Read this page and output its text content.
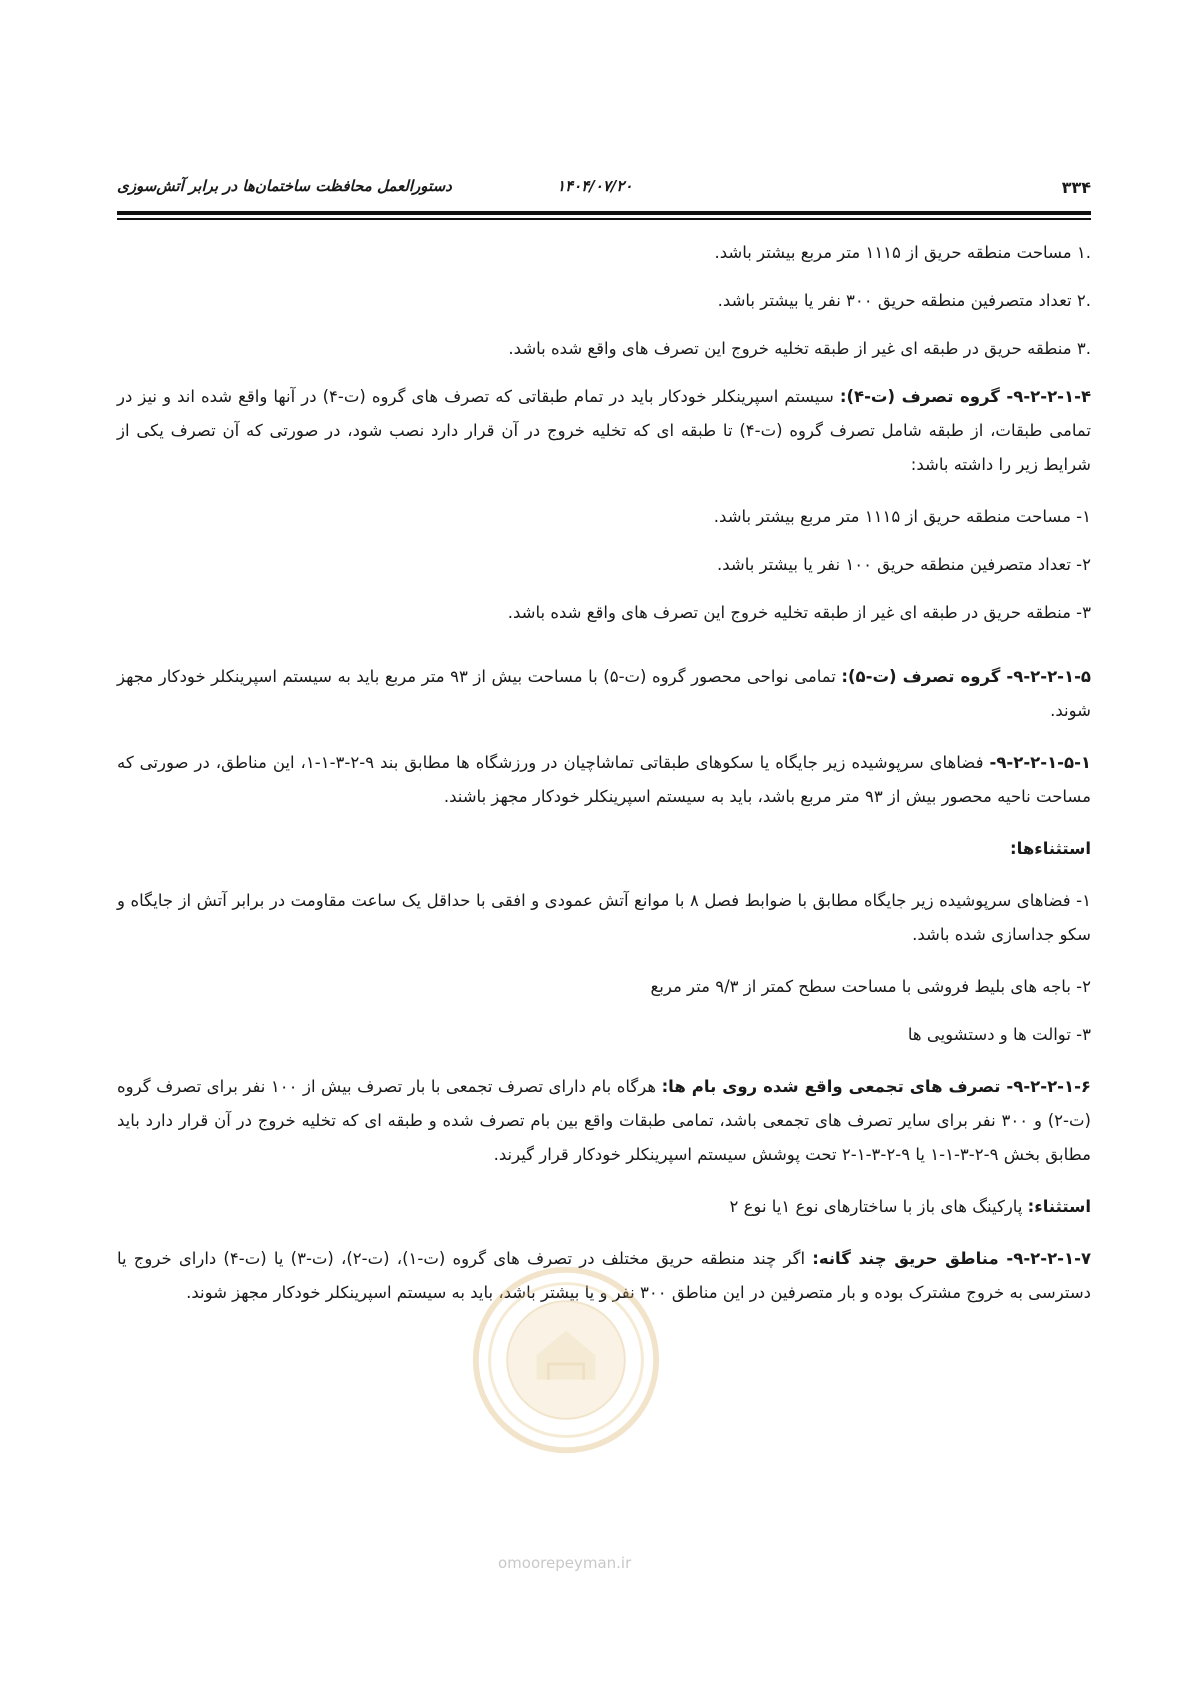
۳۳۴
۱۴۰۴/۰۷/۲۰
دستورالعمل محافظت ساختمان‌ها در برابر آتش‌سوزی

.۱ مساحت منطقه حریق از ۱۱۱۵ متر مربع بیشتر باشد.

.۲ تعداد متصرفین منطقه حریق ۳۰۰ نفر یا بیشتر باشد.

.۳ منطقه حریق در طبقه ای غیر از طبقه تخلیه خروج این تصرف های واقع شده باشد.

۹-۲-۲-۱-۴- گروه تصرف (ت-۴): سیستم اسپرینکلر خودکار باید در تمام طبقاتی که تصرف های گروه (ت-۴) در آنها واقع شده اند و نیز در تمامی طبقات، از طبقه شامل تصرف گروه (ت-۴) تا طبقه ای که تخلیه خروج در آن قرار دارد نصب شود، در صورتی که آن تصرف یکی از شرایط زیر را داشته باشد:

۱- مساحت منطقه حریق از ۱۱۱۵ متر مربع بیشتر باشد.

۲- تعداد متصرفین منطقه حریق ۱۰۰ نفر یا بیشتر باشد.

۳- منطقه حریق در طبقه ای غیر از طبقه تخلیه خروج این تصرف های واقع شده باشد.

۹-۲-۲-۱-۵- گروه تصرف (ت-۵): تمامی نواحی محصور گروه (ت-۵) با مساحت بیش از ۹۳ متر مربع باید به سیستم اسپرینکلر خودکار مجهز شوند.

۹-۲-۲-۱-۵-۱- فضاهای سرپوشیده زیر جایگاه یا سکوهای طبقاتی تماشاچیان در ورزشگاه ها مطابق بند ۹-۲-۳-۱-۱، این مناطق، در صورتی که مساحت ناحیه محصور بیش از ۹۳ متر مربع باشد، باید به سیستم اسپرینکلر خودکار مجهز باشند.

استثناءها:

۱- فضاهای سرپوشیده زیر جایگاه مطابق با ضوابط فصل ۸ با موانع آتش عمودی و افقی با حداقل یک ساعت مقاومت در برابر آتش از جایگاه و سکو جداسازی شده باشد.

۲- باجه های بلیط فروشی با مساحت سطح کمتر از ۹/۳ متر مربع

۳- توالت ها و دستشویی ها

۹-۲-۲-۱-۶- تصرف های تجمعی واقع شده روی بام ها: هرگاه بام دارای تصرف تجمعی با بار تصرف بیش از ۱۰۰ نفر برای تصرف گروه (ت-۲) و ۳۰۰ نفر برای سایر تصرف های تجمعی باشد، تمامی طبقات واقع بین بام تصرف شده و طبقه ای که تخلیه خروج در آن قرار دارد باید مطابق بخش ۹-۲-۳-۱-۱ یا ۹-۲-۳-۱-۲ تحت پوشش سیستم اسپرینکلر خودکار قرار گیرند.

استثناء: پارکینگ های باز با ساختارهای نوع ۱یا نوع ۲

۹-۲-۲-۱-۷- مناطق حریق چند گانه: اگر چند منطقه حریق مختلف در تصرف های گروه (ت-۱)، (ت-۲)، (ت-۳) یا (ت-۴) دارای خروج یا دسترسی به خروج مشترک بوده و بار متصرفین در این مناطق ۳۰۰ نفر و یا بیشتر باشد، باید به سیستم اسپرینکلر خودکار مجهز شوند.

omoorepeyman.ir
